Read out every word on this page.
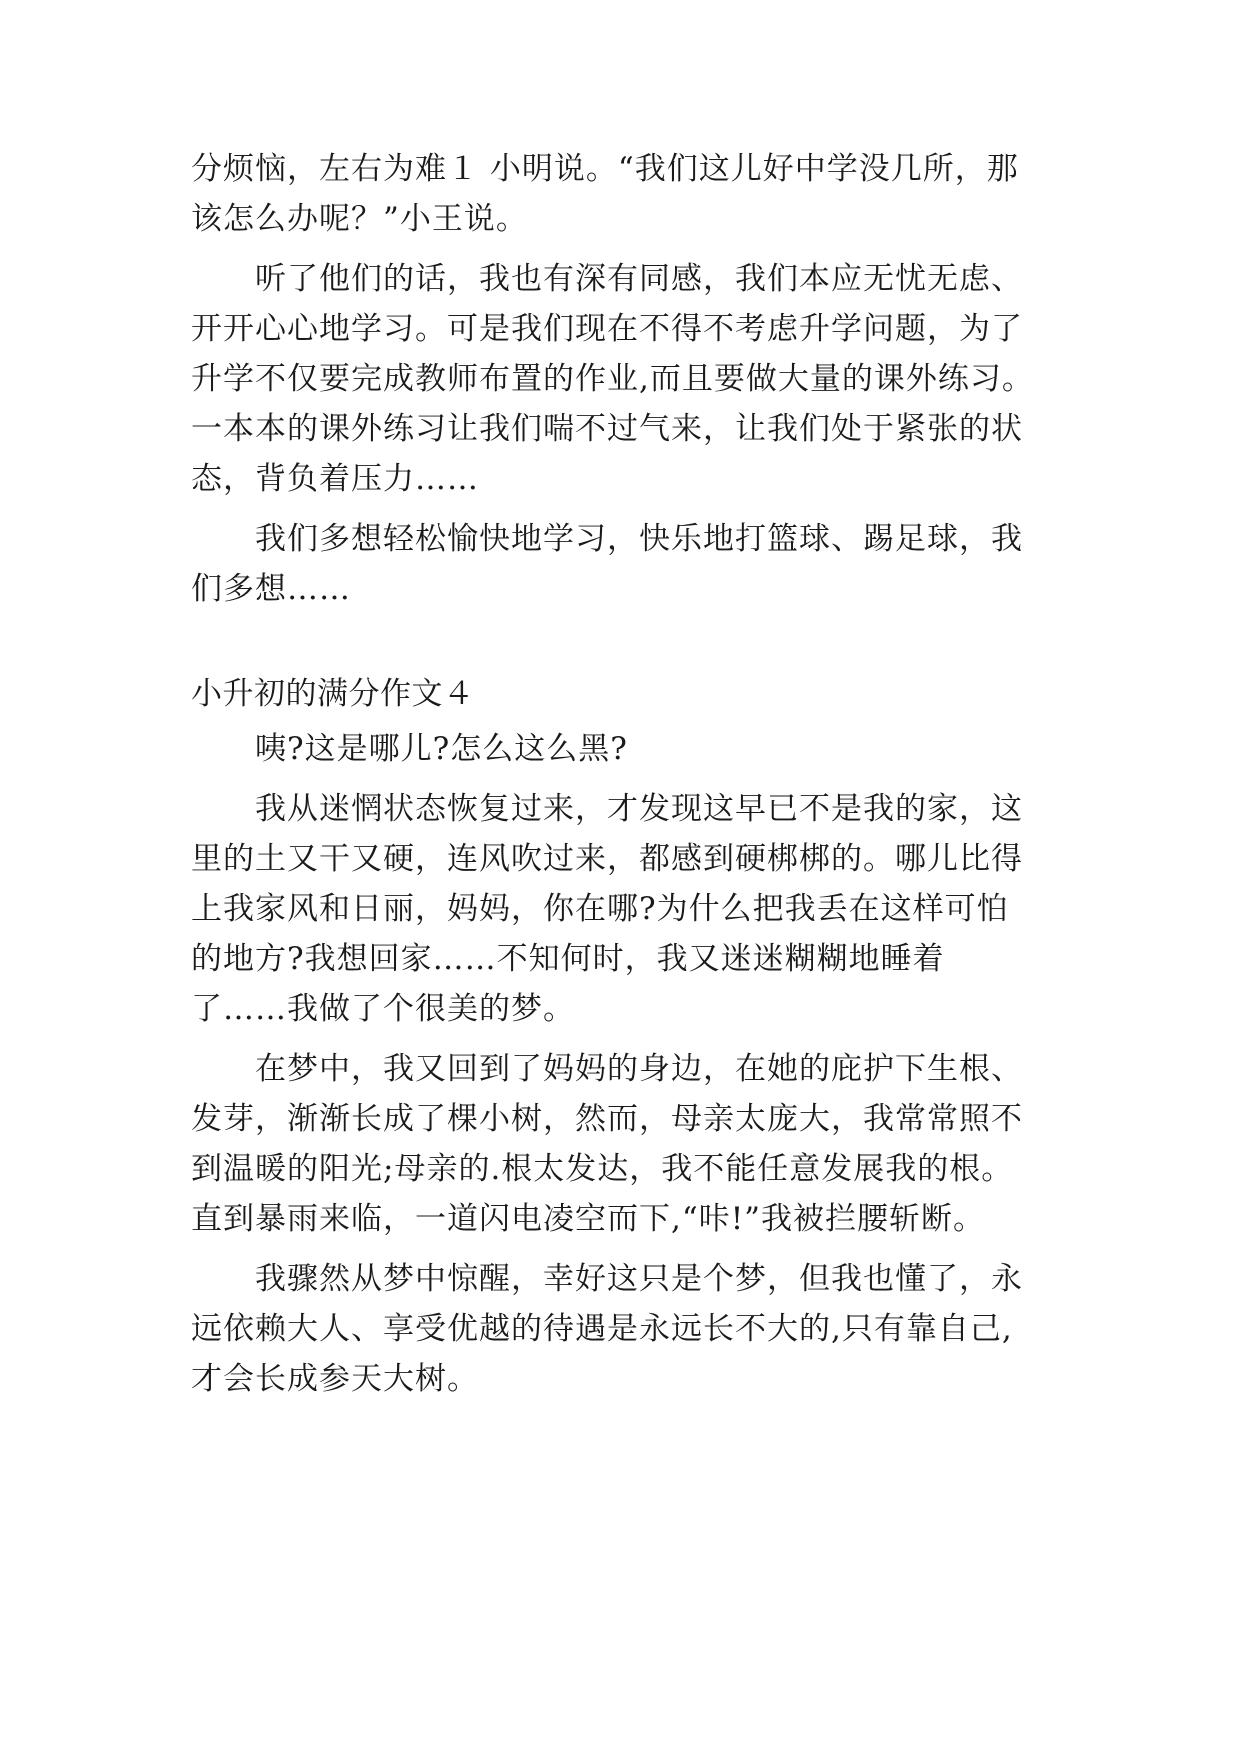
分烦恼，左右为难１ 小明说。“我们这儿好中学没几所，那
该怎么办呢？”小王说。
听了他们的话，我也有深有同感，我们本应无忧无虑、
开开心心地学习。可是我们现在不得不考虑升学问题，为了
升学不仅要完成教师布置的作业,而且要做大量的课外练习。
一本本的课外练习让我们喘不过气来，让我们处于紧张的状
态，背负着压力……
我们多想轻松愉快地学习，快乐地打篮球、踢足球，我
们多想……
小升初的满分作文４
咦?这是哪儿?怎么这么黑?
我从迷惘状态恢复过来，才发现这早已不是我的家，这
里的土又干又硬，连风吹过来，都感到硬梆梆的。哪儿比得
上我家风和日丽，妈妈，你在哪?为什么把我丢在这样可怕
的地方?我想回家……不知何时，我又迷迷糊糊地睡着
了……我做了个很美的梦。
在梦中，我又回到了妈妈的身边，在她的庇护下生根、
发芽，渐渐长成了棵小树，然而，母亲太庞大，我常常照不
到温暖的阳光;母亲的.根太发达，我不能任意发展我的根。
直到暴雨来临，一道闪电凌空而下,“咔!”我被拦腰斩断。
我骤然从梦中惊醒，幸好这只是个梦，但我也懂了，永
远依赖大人、享受优越的待遇是永远长不大的,只有靠自己,
才会长成参天大树。
